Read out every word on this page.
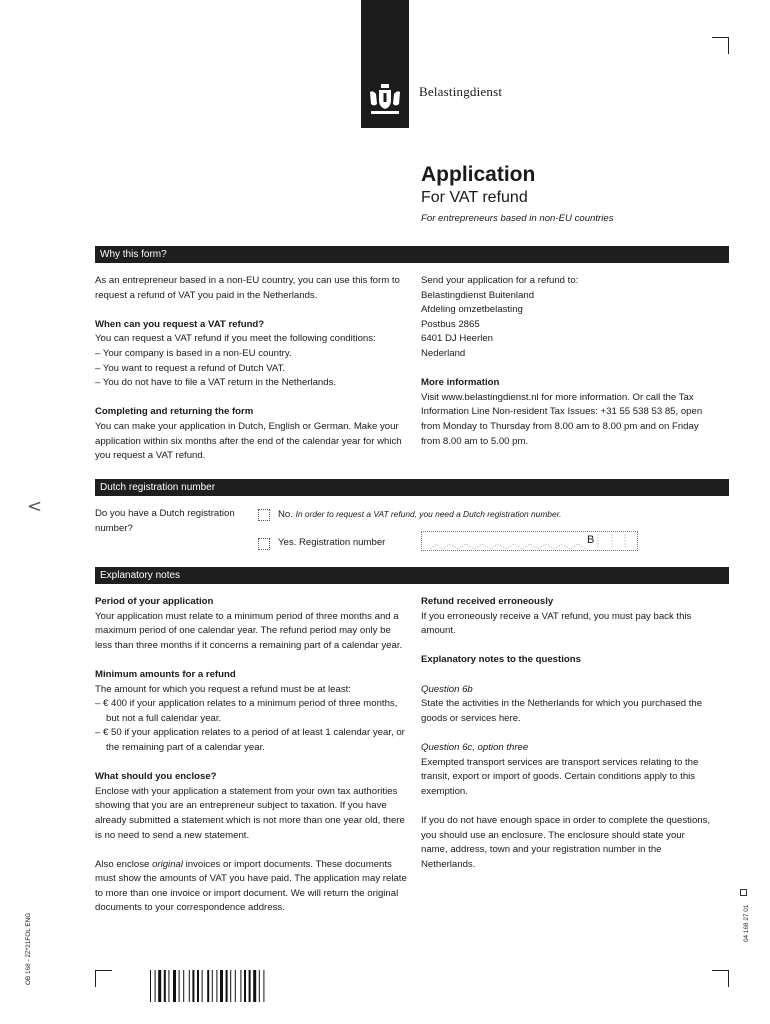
Belastingdienst
Application
For VAT refund
For entrepreneurs based in non-EU countries
Why this form?

As an entrepreneur based in a non-EU country, you can use this form to request a refund of VAT you paid in the Netherlands.

When can you request a VAT refund?

You can request a VAT refund if you meet the following conditions:

– Your company is based in a non-EU country.

– You want to request a refund of Dutch VAT.

– You do not have to file a VAT return in the Netherlands.

Completing and returning the form

You can make your application in Dutch, English or German. Make your application within six months after the end of the calendar year for which you request a VAT refund.

Send your application for a refund to:

Belastingdienst Buitenland

Afdeling omzetbelasting

Postbus 2865

6401 DJ Heerlen

Nederland

More information

Visit www.belastingdienst.nl for more information. Or call the Tax Information Line Non-resident Tax Issues: +31 55 538 53 85, open from Monday to Thursday from 8.00 am to 8.00 pm and on Friday from 8.00 am to 5.00 pm.

Dutch registration number
<	Do you have a Dutch registration number?
No. In order to request a VAT refund, you need a Dutch registration number.
Yes. Registration number	B
Explanatory notes

Period of your application

Your application must relate to a minimum period of three months and a maximum period of one calendar year. The refund period may only be less than three months if it concerns a remaining part of a calendar year.

Minimum amounts for a refund

The amount for which you request a refund must be at least:

– € 400 if your application relates to a minimum period of three months, but not a full calendar year.

– € 50 if your application relates to a period of at least 1 calendar year, or the remaining part of a calendar year.

What should you enclose?

Enclose with your application a statement from your own tax authorities showing that you are an entrepreneur subject to taxation. If you have already submitted a statement which is not more than one year old, there is no need to send a new statement.

Also enclose original invoices or import documents. These documents must show the amounts of VAT you have paid. The application may relate to more than one invoice or import document. We will return the original documents to your correspondence address.

Refund received erroneously

If you erroneously receive a VAT refund, you must pay back this amount.

Explanatory notes to the questions

Question 6b

State the activities in the Netherlands for which you purchased the goods or services here.

Question 6c, option three

Exempted transport services are transport services relating to the transit, export or import of goods. Certain conditions apply to this exemption.

If you do not have enough space in order to complete the questions, you should use an enclosure. The enclosure should state your name, address, town and your registration number in the Netherlands.

OB 168 - 2Z*21FOL ENG	04 168 27 01
